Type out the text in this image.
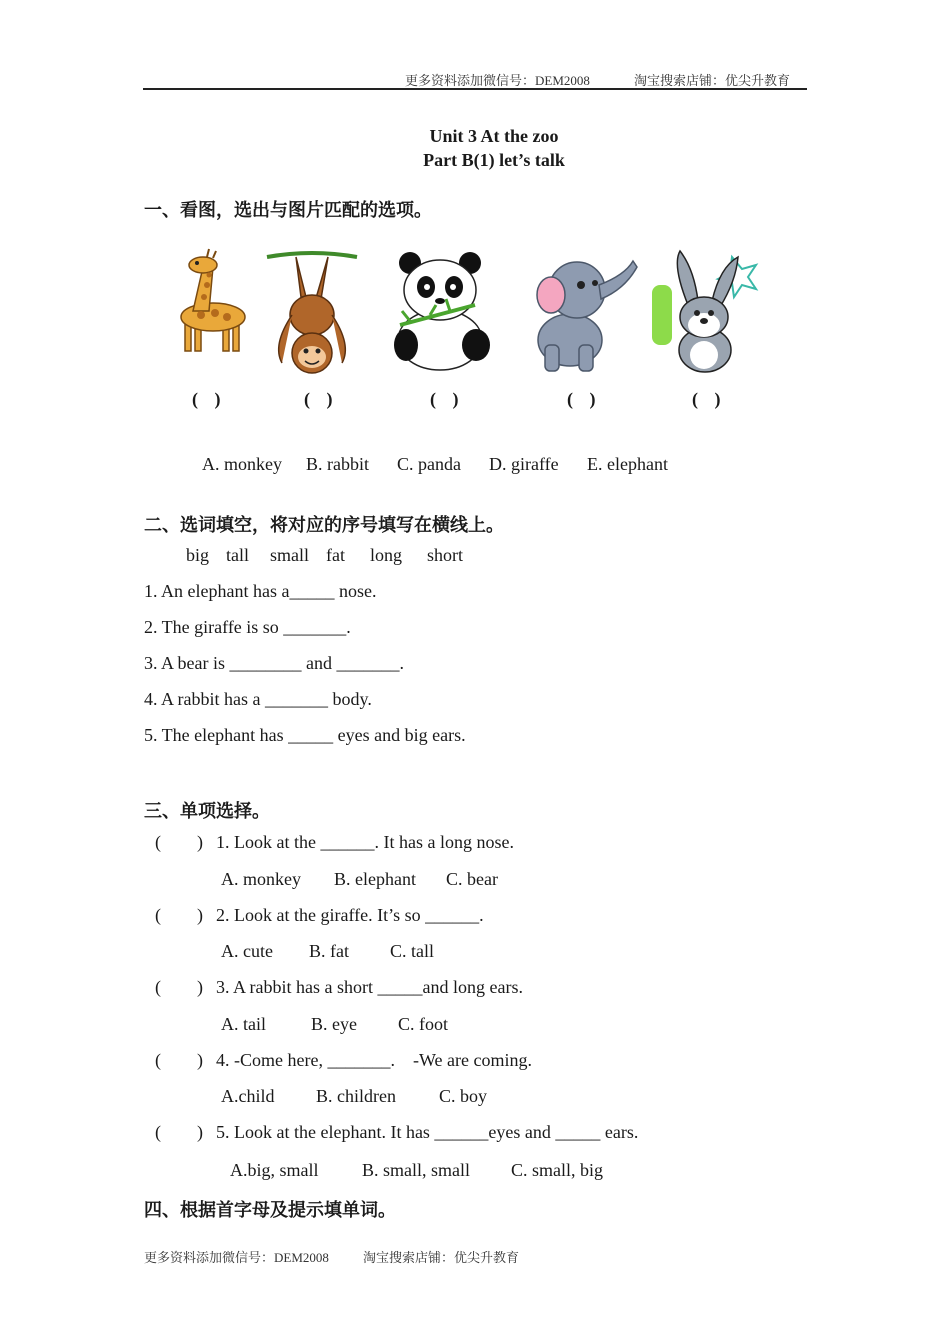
更多资料添加微信号：DEM2008	淘宝搜索店铺：优尖升教育
Unit 3 At the zoo
Part B(1) let’s talk
一、看图，选出与图片匹配的选项。
( )	( )	( )	( )	( )
A. monkey B. rabbit C. panda D. giraffe E. elephant
二、选词填空，将对应的序号填写在横线上。
big tall small fat long short
1. An elephant has a_____ nose.
2. The giraffe is so _______.
3. A bear is ________ and _______.
4. A rabbit has a _______ body.
5. The elephant has _____ eyes and big ears.
三、单项选择。
( ) 1. Look at the ______. It has a long nose.
A. monkey B. elephant C. bear
( ) 2. Look at the giraffe. It’s so ______.
A. cute B. fat C. tall
( ) 3. A rabbit has a short _____and long ears.
A. tail	B. eye C. foot
( ) 4. -Come here, _______.    -We are coming.
A.child B. children C. boy
( ) 5. Look at the elephant. It has ______eyes and _____ ears.
A.big, small B. small, small C. small, big
四、根据首字母及提示填单词。
更多资料添加微信号：DEM2008	淘宝搜索店铺：优尖升教育
